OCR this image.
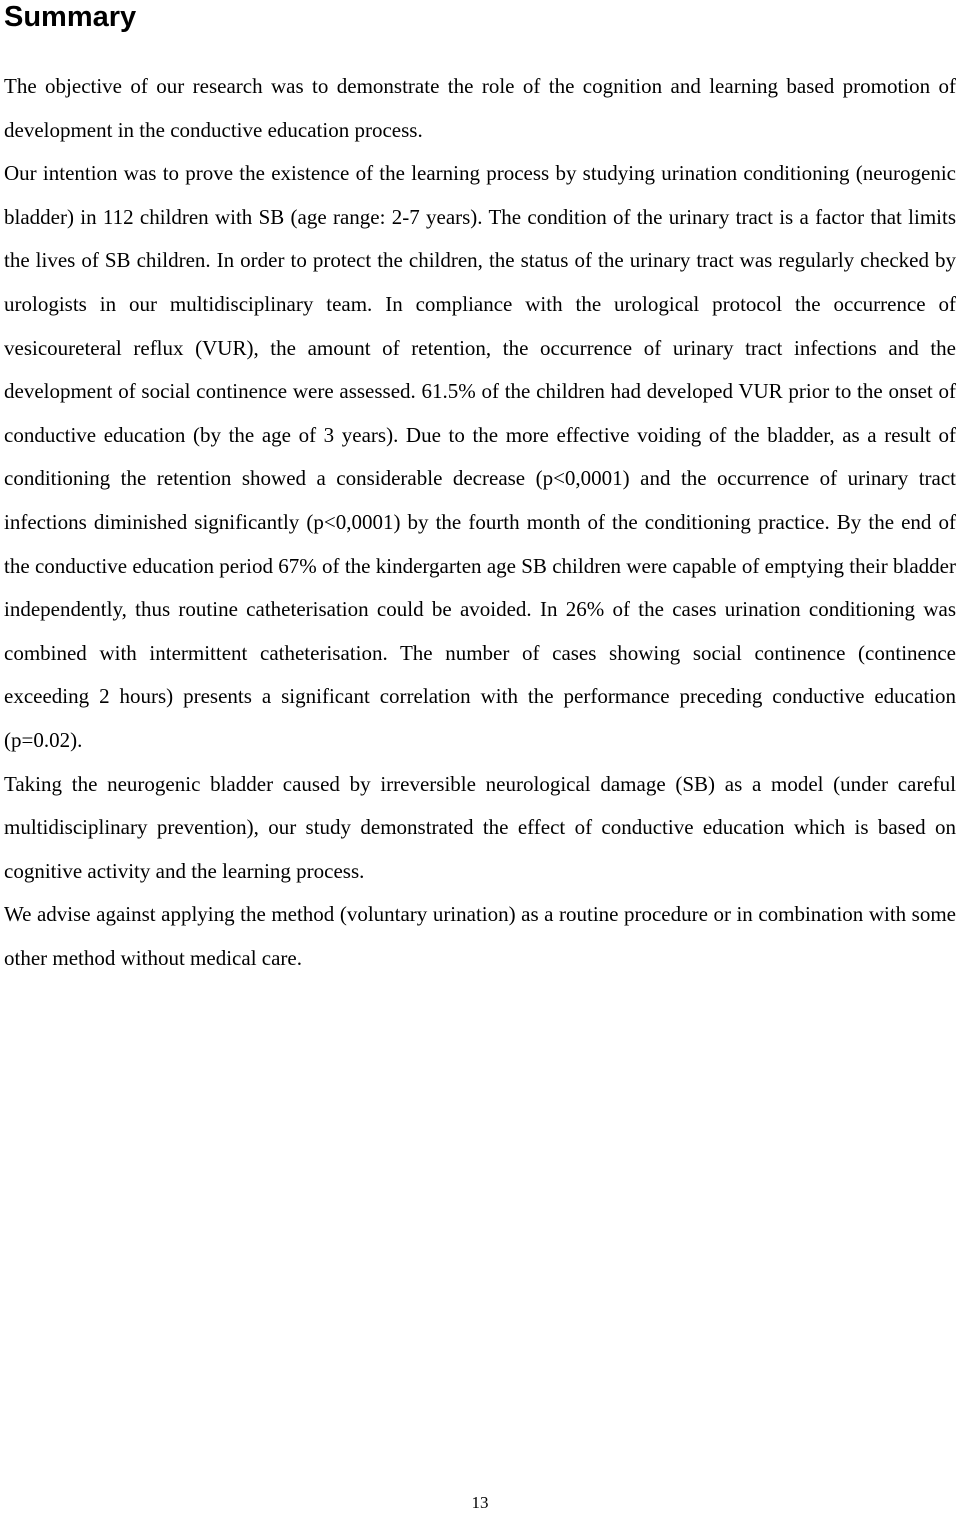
Summary

The objective of our research was to demonstrate the role of the cognition and learning based promotion of development in the conductive education process.

Our intention was to prove the existence of the learning process by studying urination conditioning (neurogenic bladder) in 112 children with SB (age range: 2-7 years). The condition of the urinary tract is a factor that limits the lives of SB children. In order to protect the children, the status of the urinary tract was regularly checked by urologists in our multidisciplinary team. In compliance with the urological protocol the occurrence of vesicoureteral reflux (VUR), the amount of retention, the occurrence of urinary tract infections and the development of social continence were assessed. 61.5% of the children had developed VUR prior to the onset of conductive education (by the age of 3 years). Due to the more effective voiding of the bladder, as a result of conditioning the retention showed a considerable decrease (p<0,0001) and the occurrence of urinary tract infections diminished significantly (p<0,0001) by the fourth month of the conditioning practice. By the end of the conductive education period 67% of the kindergarten age SB children were capable of emptying their bladder independently, thus routine catheterisation could be avoided. In 26% of the cases urination conditioning was combined with intermittent catheterisation. The number of cases showing social continence (continence exceeding 2 hours) presents a significant correlation with the performance preceding conductive education (p=0.02).

Taking the neurogenic bladder caused by irreversible neurological damage (SB) as a model (under careful multidisciplinary prevention), our study demonstrated the effect of conductive education which is based on cognitive activity and the learning process.

We advise against applying the method (voluntary urination) as a routine procedure or in combination with some other method without medical care.

13
